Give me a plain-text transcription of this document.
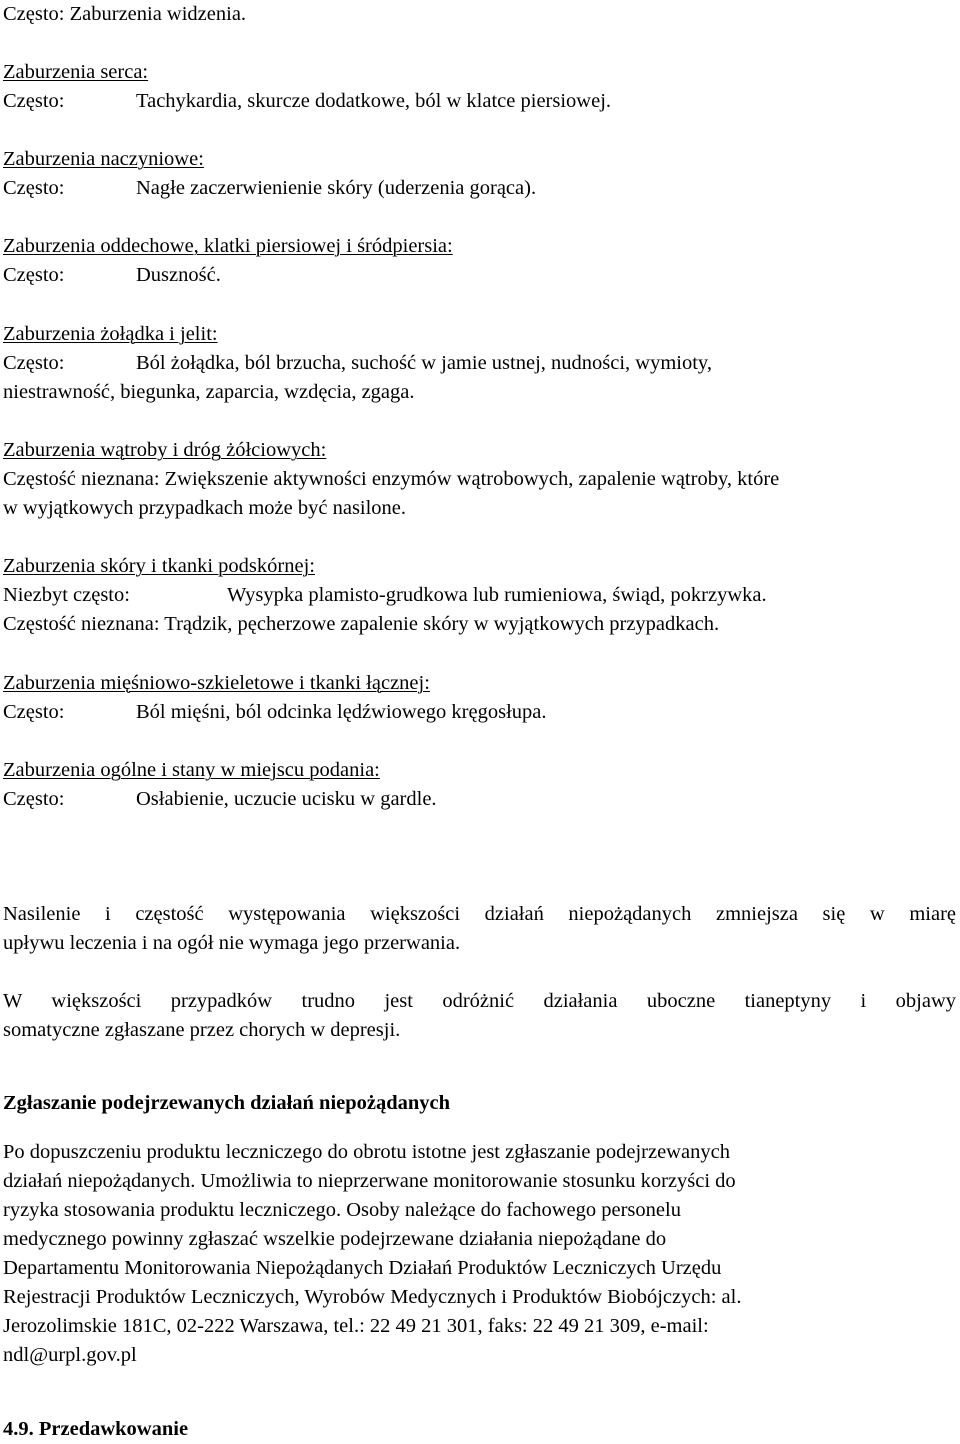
Często: Zaburzenia widzenia.
Zaburzenia serca:
Często:	Tachykardia, skurcze dodatkowe, ból w klatce piersiowej.
Zaburzenia naczyniowe:
Często:	Nagłe zaczerwienienie skóry (uderzenia gorąca).
Zaburzenia oddechowe, klatki piersiowej i śródpiersia:
Często:	Duszność.
Zaburzenia żołądka i jelit:
Często:	Ból żołądka, ból brzucha, suchość w jamie ustnej, nudności, wymioty,
niestrawność, biegunka, zaparcia, wzdęcia, zgaga.
Zaburzenia wątroby i dróg żółciowych:
Częstość nieznana: Zwiększenie aktywności enzymów wątrobowych, zapalenie wątroby, które
w wyjątkowych przypadkach może być nasilone.
Zaburzenia skóry i tkanki podskórnej:
Niezbyt często:	Wysypka plamisto-grudkowa lub rumieniowa, świąd, pokrzywka.
Częstość nieznana: Trądzik, pęcherzowe zapalenie skóry w wyjątkowych przypadkach.
Zaburzenia mięśniowo-szkieletowe i tkanki łącznej:
Często:	Ból mięśni, ból odcinka lędźwiowego kręgosłupa.
Zaburzenia ogólne i stany w miejscu podania:
Często:	Osłabienie, uczucie ucisku w gardle.
Nasilenie i częstość występowania większości działań niepożądanych zmniejsza się w miarę
upływu leczenia i na ogół nie wymaga jego przerwania.
W większości przypadków trudno jest odróżnić działania uboczne tianeptyny i objawy
somatyczne zgłaszane przez chorych w depresji.
Zgłaszanie podejrzewanych działań niepożądanych
Po dopuszczeniu produktu leczniczego do obrotu istotne jest zgłaszanie podejrzewanych
działań niepożądanych. Umożliwia to nieprzerwane monitorowanie stosunku korzyści do
ryzyka stosowania produktu leczniczego. Osoby należące do fachowego personelu
medycznego powinny zgłaszać wszelkie podejrzewane działania niepożądane do
Departamentu Monitorowania Niepożądanych Działań Produktów Leczniczych Urzędu
Rejestracji Produktów Leczniczych, Wyrobów Medycznych i Produktów Biobójczych: al.
Jerozolimskie 181C, 02-222 Warszawa, tel.: 22 49 21 301, faks: 22 49 21 309, e-mail:
ndl@urpl.gov.pl
4.9. Przedawkowanie
